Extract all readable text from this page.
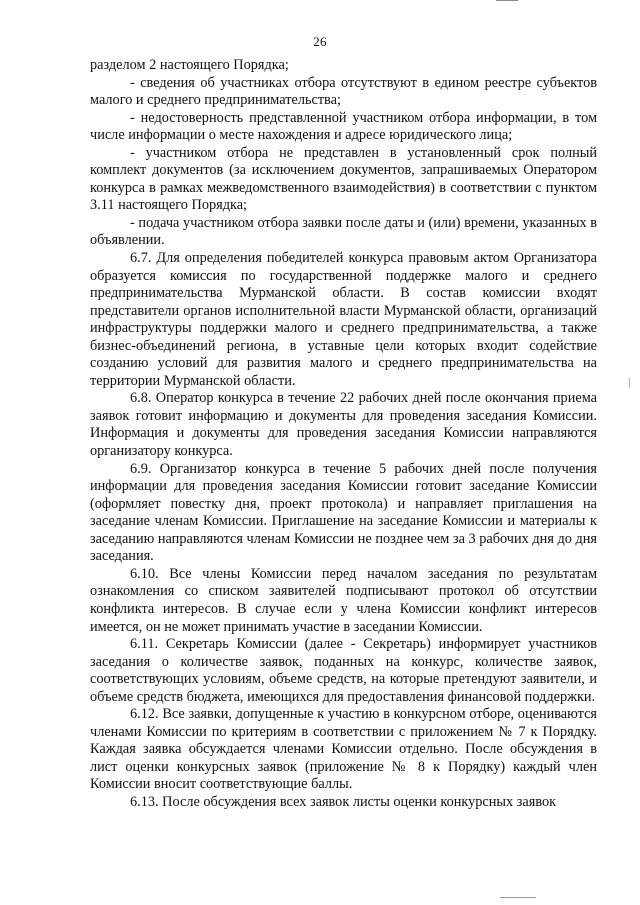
26

разделом 2 настоящего Порядка;

- сведения об участниках отбора отсутствуют в едином реестре субъектов малого и среднего предпринимательства;

- недостоверность представленной участником отбора информации, в том числе информации о месте нахождения и адресе юридического лица;

- участником отбора не представлен в установленный срок полный комплект документов (за исключением документов, запрашиваемых Оператором конкурса в рамках межведомственного взаимодействия) в соответствии с пунктом 3.11 настоящего Порядка;

- подача участником отбора заявки после даты и (или) времени, указанных в объявлении.

6.7. Для определения победителей конкурса правовым актом Организатора образуется комиссия по государственной поддержке малого и среднего предпринимательства Мурманской области. В состав комиссии входят представители органов исполнительной власти Мурманской области, организаций инфраструктуры поддержки малого и среднего предпринимательства, а также бизнес-объединений региона, в уставные цели которых входит содействие созданию условий для развития малого и среднего предпринимательства на территории Мурманской области.

6.8. Оператор конкурса в течение 22 рабочих дней после окончания приема заявок готовит информацию и документы для проведения заседания Комиссии. Информация и документы для проведения заседания Комиссии направляются организатору конкурса.

6.9. Организатор конкурса в течение 5 рабочих дней после получения информации для проведения заседания Комиссии готовит заседание Комиссии (оформляет повестку дня, проект протокола) и направляет приглашения на заседание членам Комиссии. Приглашение на заседание Комиссии и материалы к заседанию направляются членам Комиссии не позднее чем за 3 рабочих дня до дня заседания.

6.10. Все члены Комиссии перед началом заседания по результатам ознакомления со списком заявителей подписывают протокол об отсутствии конфликта интересов. В случае если у члена Комиссии конфликт интересов имеется, он не может принимать участие в заседании Комиссии.

6.11. Секретарь Комиссии (далее - Секретарь) информирует участников заседания о количестве заявок, поданных на конкурс, количестве заявок, соответствующих условиям, объеме средств, на которые претендуют заявители, и объеме средств бюджета, имеющихся для предоставления финансовой поддержки.

6.12. Все заявки, допущенные к участию в конкурсном отборе, оцениваются членами Комиссии по критериям в соответствии с приложением № 7 к Порядку. Каждая заявка обсуждается членами Комиссии отдельно. После обсуждения в лист оценки конкурсных заявок (приложение № 8 к Порядку) каждый член Комиссии вносит соответствующие баллы.

6.13. После обсуждения всех заявок листы оценки конкурсных заявок
